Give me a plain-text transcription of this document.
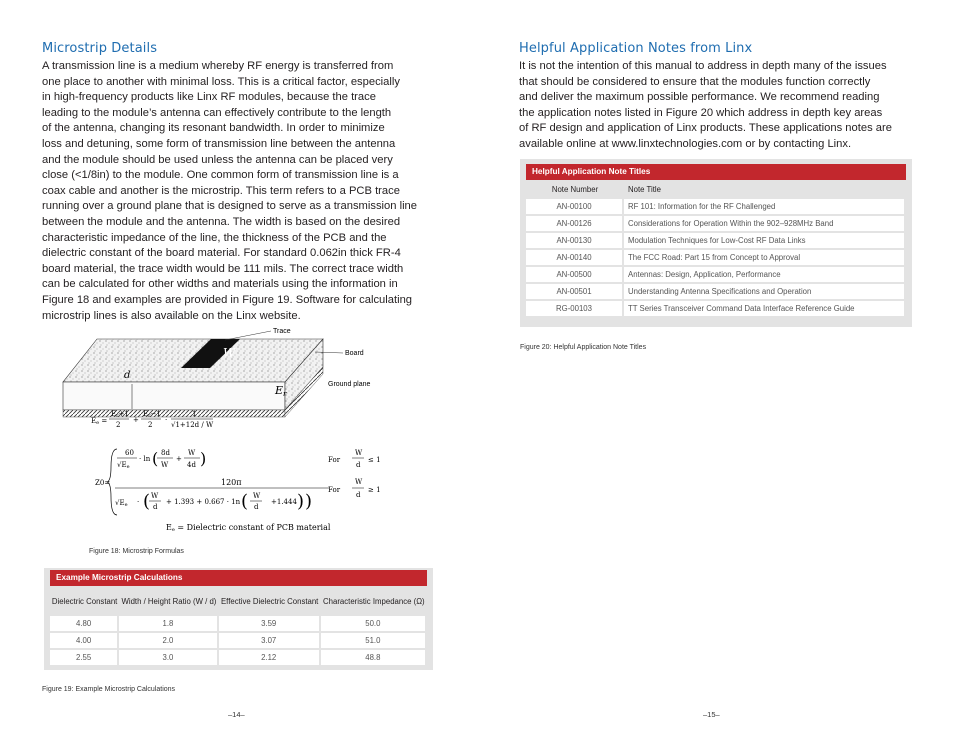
Microstrip Details

A transmission line is a medium whereby RF energy is transferred from
one place to another with minimal loss. This is a critical factor, especially
in high-frequency products like Linx RF modules, because the trace
leading to the module’s antenna can effectively contribute to the length
of the antenna, changing its resonant bandwidth. In order to minimize
loss and detuning, some form of transmission line between the antenna
and the module should be used unless the antenna can be placed very
close (<1/8in) to the module. One common form of transmission line is a
coax cable and another is the microstrip. This term refers to a PCB trace
running over a ground plane that is designed to serve as a transmission line
between the module and the antenna. The width is based on the desired
characteristic impedance of the line, the thickness of the PCB and the
dielectric constant of the board material. For standard 0.062in thick FR-4
board material, the trace width would be 111 mils. The correct trace width
can be calculated for other widths and materials using the information in
Figure 18 and examples are provided in Figure 19. Software for calculating
microstrip lines is also available on the Linx website.

W
d
Er
Trace
Board
Ground plane
Ee =
Er+1
2
+
Er−1
2
·
1
√1+12d / W
Z0=
60
√Ee
· ln ( 8d
W
+
W
4d )	For
W
d
≤ 1
120π
√Ee · ( W
d
+ 1.393 + 0.667 · 1n ( W
d
+1.444 ) )
For
W
d
≥ 1
Ee = Dielectric constant of PCB material
Figure 18: Microstrip Formulas
Example Microstrip Calculations
Dielectric Constant	Width / Height Ratio (W / d)	Effective Dielectric Constant	Characteristic Impedance (Ω)
4.80	1.8	3.59	50.0
4.00	2.0	3.07	51.0
2.55	3.0	2.12	48.8
Figure 19: Example Microstrip Calculations
–14–
Helpful Application Notes from Linx

It is not the intention of this manual to address in depth many of the issues
that should be considered to ensure that the modules function correctly
and deliver the maximum possible performance. We recommend reading
the application notes listed in Figure 20 which address in depth key areas
of RF design and application of Linx products. These applications notes are
available online at www.linxtechnologies.com or by contacting Linx.

Helpful Application Note Titles
Note Number	Note Title
AN-00100	RF 101: Information for the RF Challenged
AN-00126	Considerations for Operation Within the 902–928MHz Band
AN-00130	Modulation Techniques for Low-Cost RF Data Links
AN-00140	The FCC Road: Part 15 from Concept to Approval
AN-00500	Antennas: Design, Application, Performance
AN-00501	Understanding Antenna Specifications and Operation
RG-00103	TT Series Transceiver Command Data Interface Reference Guide
Figure 20: Helpful Application Note Titles
–15–
